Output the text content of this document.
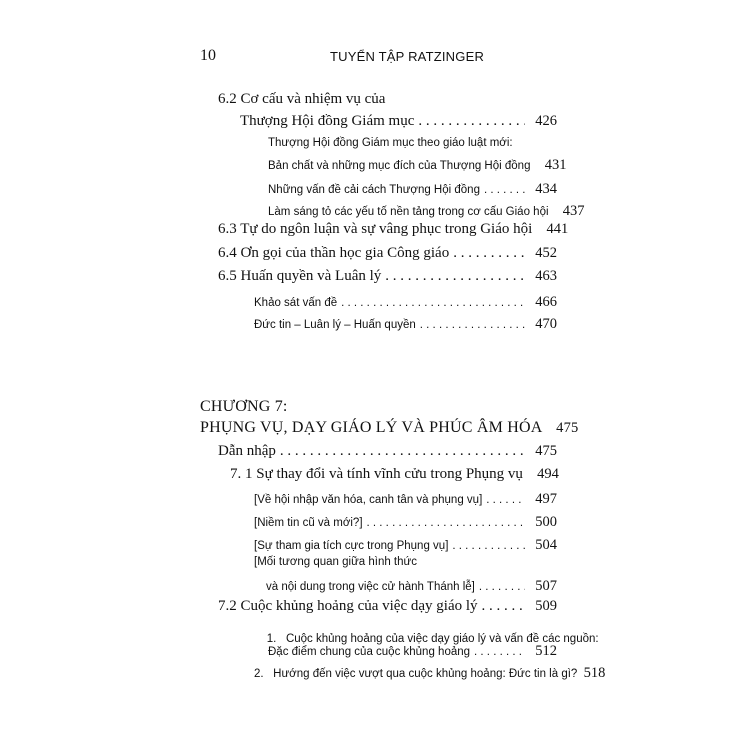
10	TUYỂN TẬP RATZINGER
6.2 Cơ cấu và nhiệm vụ của
Thượng Hội đồng Giám mục . . .	426
Thượng Hội đồng Giám mục theo giáo luật mới:
Bản chất và những mục đích của Thượng Hội đồng 431
Những vấn đề cải cách Thượng Hội đồng . . .	434
Làm sáng tỏ các yếu tố nền tảng trong cơ cấu Giáo hội 437
6.3 Tự do ngôn luận và sự vâng phục trong Giáo hội 441
6.4 Ơn gọi của thần học gia Công giáo . . .	452
6.5 Huấn quyền và Luân lý . . .	463
Khảo sát vấn đề . . .	466
Đức tin – Luân lý – Huấn quyền . . .	470
CHƯƠNG 7:
PHỤNG VỤ, DẠY GIÁO LÝ VÀ PHÚC ÂM HÓA 475
Dẫn nhập . . .	475
7. 1 Sự thay đổi và tính vĩnh cửu trong Phụng vụ 494
[Về hội nhập văn hóa, canh tân và phụng vụ] . . .	497
[Niềm tin cũ và mới?] . . .	500
[Sự tham gia tích cực trong Phụng vụ] . . .	504
[Mối tương quan giữa hình thức
và nội dung trong việc cử hành Thánh lễ] . . .	507
7.2 Cuộc khủng hoảng của việc dạy giáo lý . . .	509

1.   Cuộc khủng hoảng của việc dạy giáo lý và vấn đề các nguồn:

Đặc điểm chung của cuộc khủng hoảng . . .	512
2.   Hướng đến việc vượt qua cuộc khủng hoảng: Đức tin là gì? 518
